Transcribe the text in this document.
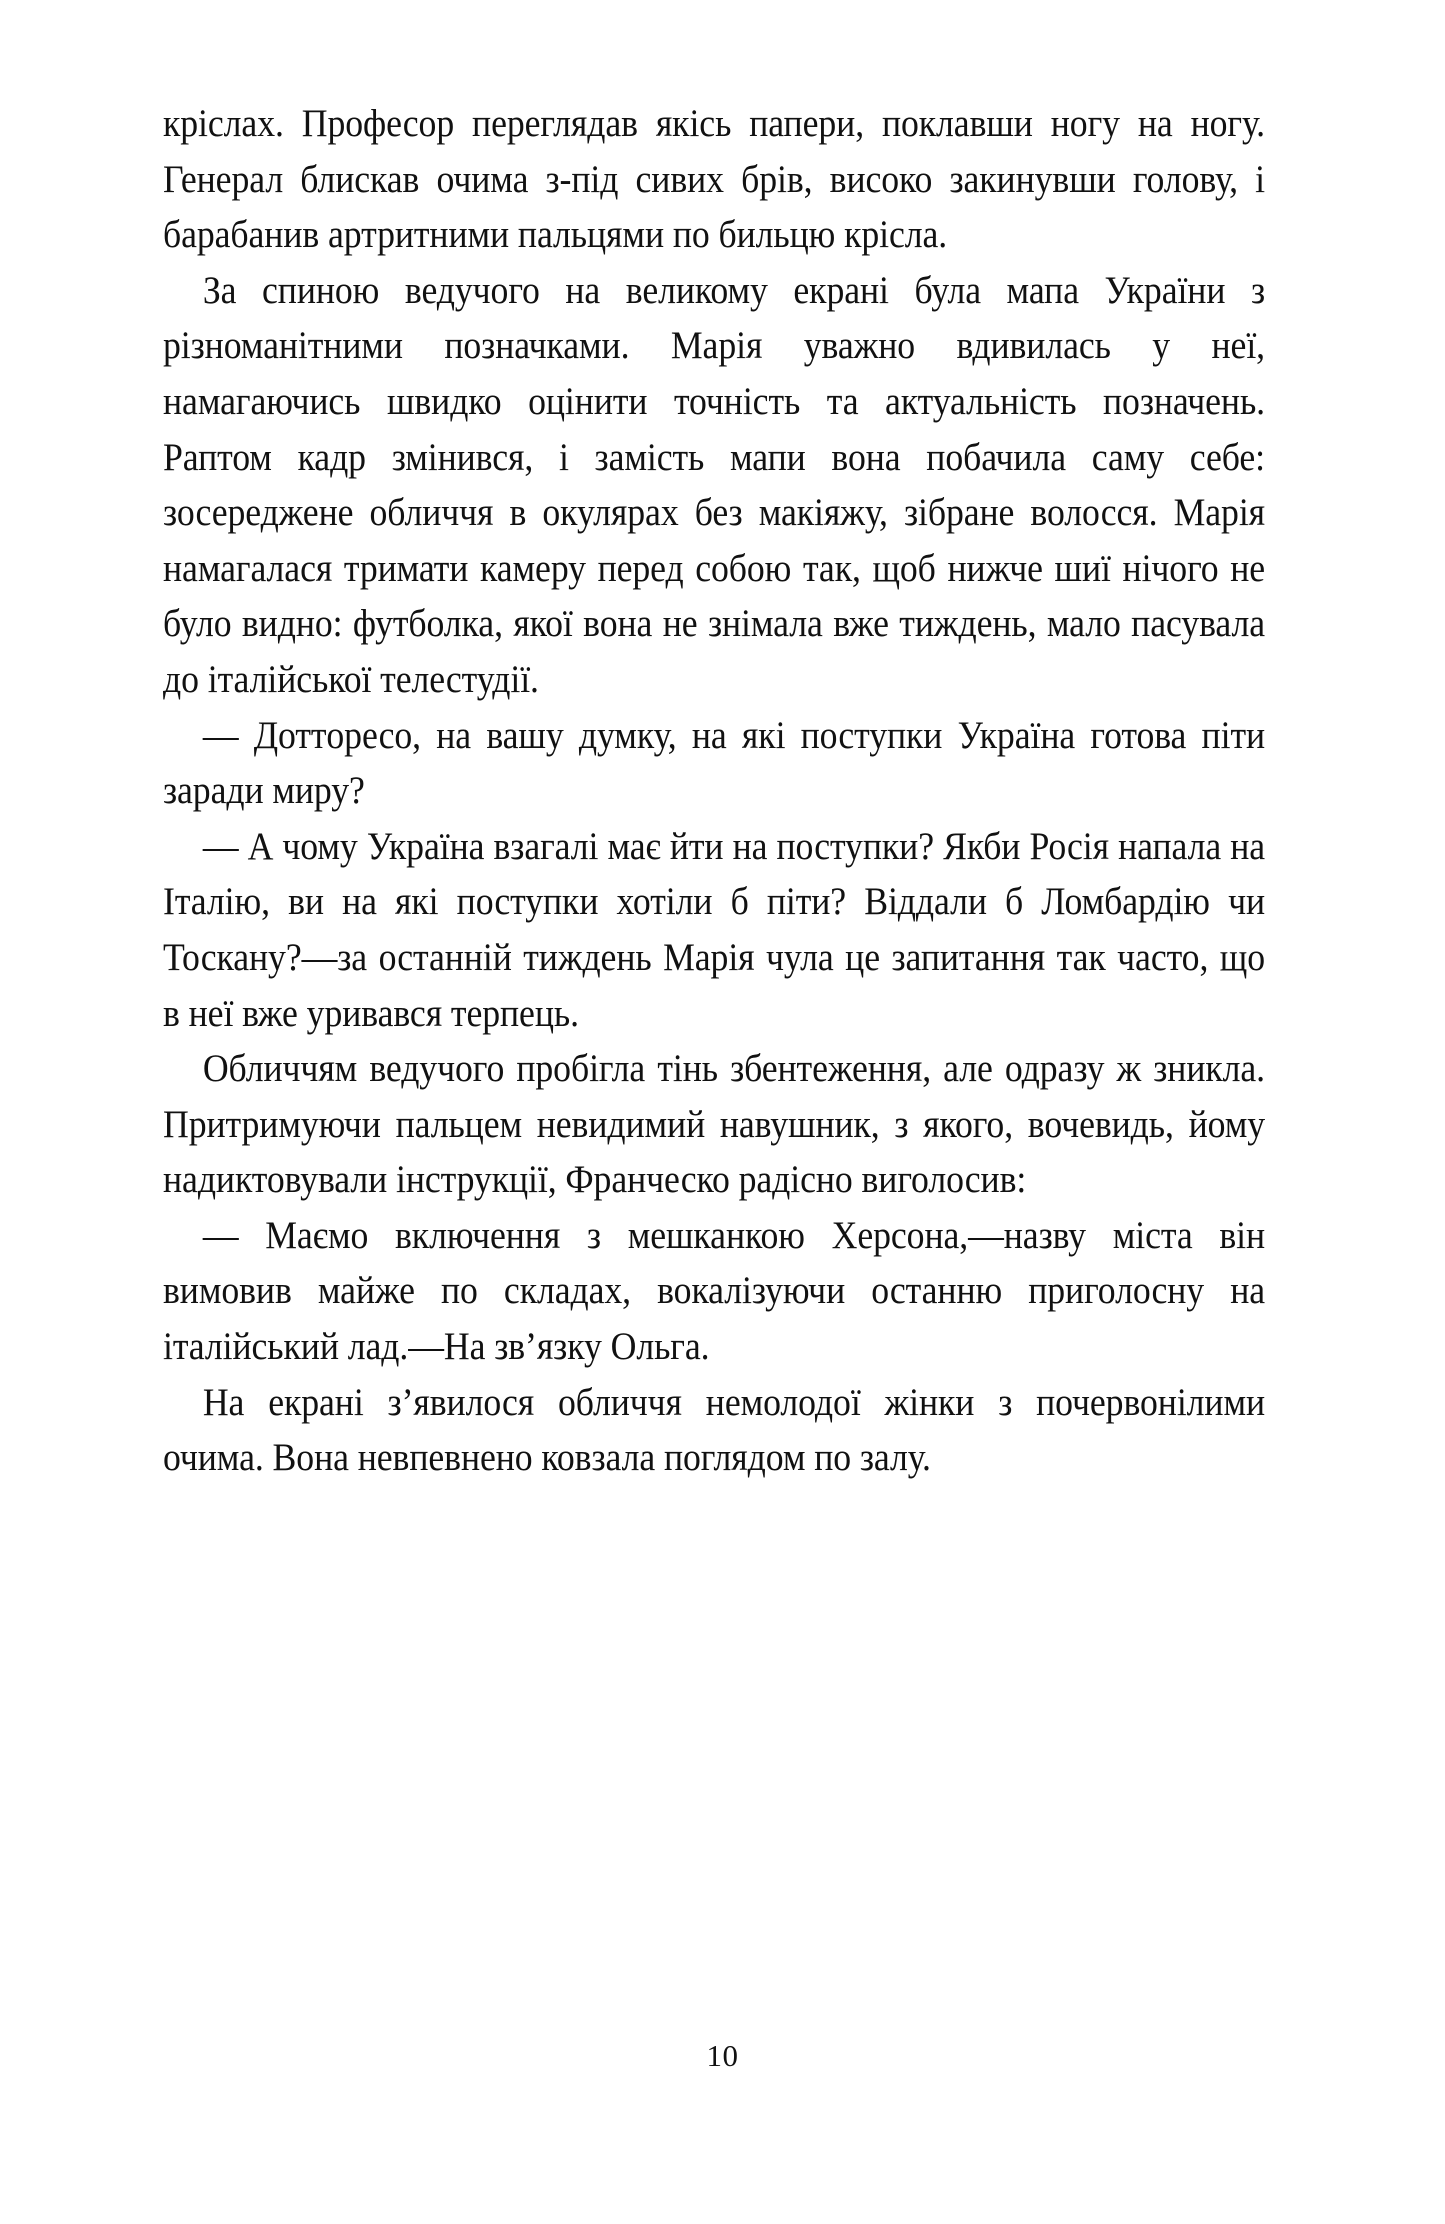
кріслах. Професор переглядав якісь папери, поклавши ногу на ногу. Генерал блискав очима з-під сивих брів, високо закинувши голову, і барабанив артритними пальцями по бильцю крісла.

За спиною ведучого на великому екрані була мапа України з різноманітними позначками. Марія уважно вдивилась у неї, намагаючись швидко оцінити точність та актуальність позначень. Раптом кадр змінився, і замість мапи вона побачила саму себе: зосереджене обличчя в окулярах без макіяжу, зібране волосся. Марія намагалася тримати камеру перед собою так, щоб нижче шиї нічого не було видно: футболка, якої вона не знімала вже тиждень, мало пасувала до італійської телестудії.

— Доттoресо, на вашу думку, на які поступки Україна готова піти заради миру?

— А чому Україна взагалі має йти на поступки? Якби Росія напала на Італію, ви на які поступки хотіли б піти? Віддали б Ломбардію чи Тоскану?—за останній тиждень Марія чула це запитання так часто, що в неї вже уривався терпець.

Обличчям ведучого пробігла тінь збентеження, але одразу ж зникла. Притримуючи пальцем невидимий навушник, з якого, вочевидь, йому надиктовували інструкції, Франческо радісно виголосив:

— Маємо включення з мешканкою Херсона,—назву міста він вимовив майже по складах, вокалізуючи останню приголосну на італійський лад.—На зв’язку Ольга.

На екрані з’явилося обличчя немолодої жінки з почервонілими очима. Вона невпевнено ковзала поглядом по залу.

10
